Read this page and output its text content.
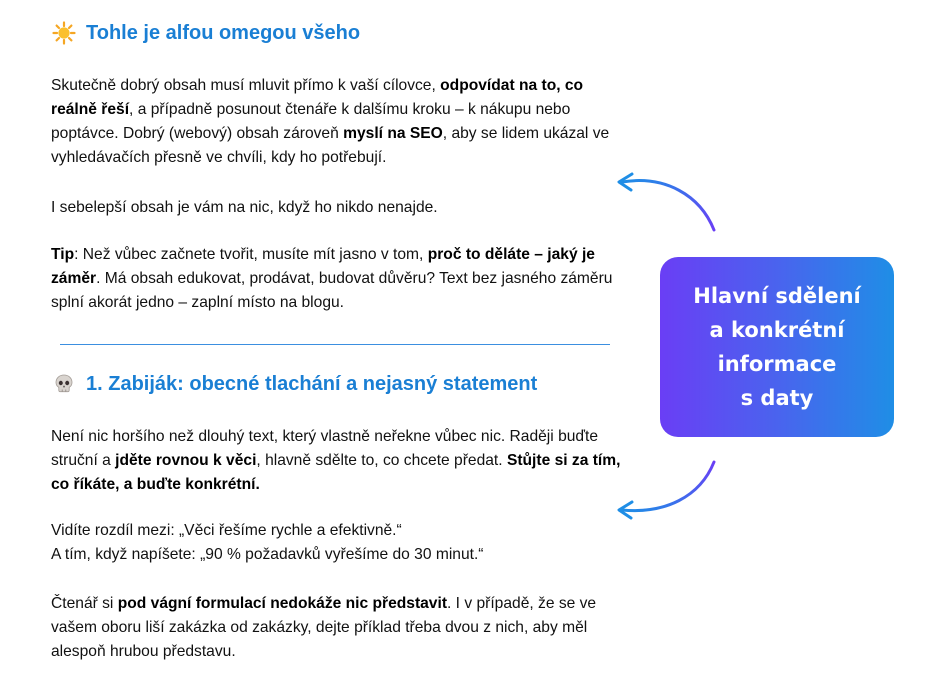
Tohle je alfou omegou všeho

Skutečně dobrý obsah musí mluvit přímo k vaší cílovce, odpovídat na to, co reálně řeší, a případně posunout čtenáře k dalšímu kroku – k nákupu nebo poptávce. Dobrý (webový) obsah zároveň myslí na SEO, aby se lidem ukázal ve vyhledávačích přesně ve chvíli, kdy ho potřebují.

I sebelepší obsah je vám na nic, když ho nikdo nenajde.

Tip: Než vůbec začnete tvořit, musíte mít jasno v tom, proč to děláte – jaký je záměr. Má obsah edukovat, prodávat, budovat důvěru? Text bez jasného záměru splní akorát jedno – zaplní místo na blogu.

1. Zabiják: obecné tlachání a nejasný statement

Není nic horšího než dlouhý text, který vlastně neřekne vůbec nic. Raději buďte struční a jděte rovnou k věci, hlavně sdělte to, co chcete předat. Stůjte si za tím, co říkáte, a buďte konkrétní.

Vidíte rozdíl mezi: „Věci řešíme rychle a efektivně.“
A tím, když napíšete: „90 % požadavků vyřešíme do 30 minut.“

Čtenář si pod vágní formulací nedokáže nic představit. I v případě, že se ve vašem oboru liší zakázka od zakázky, dejte příklad třeba dvou z nich, aby měl alespoň hrubou představu.

Hlavní sdělení
a konkrétní
informace
s daty
